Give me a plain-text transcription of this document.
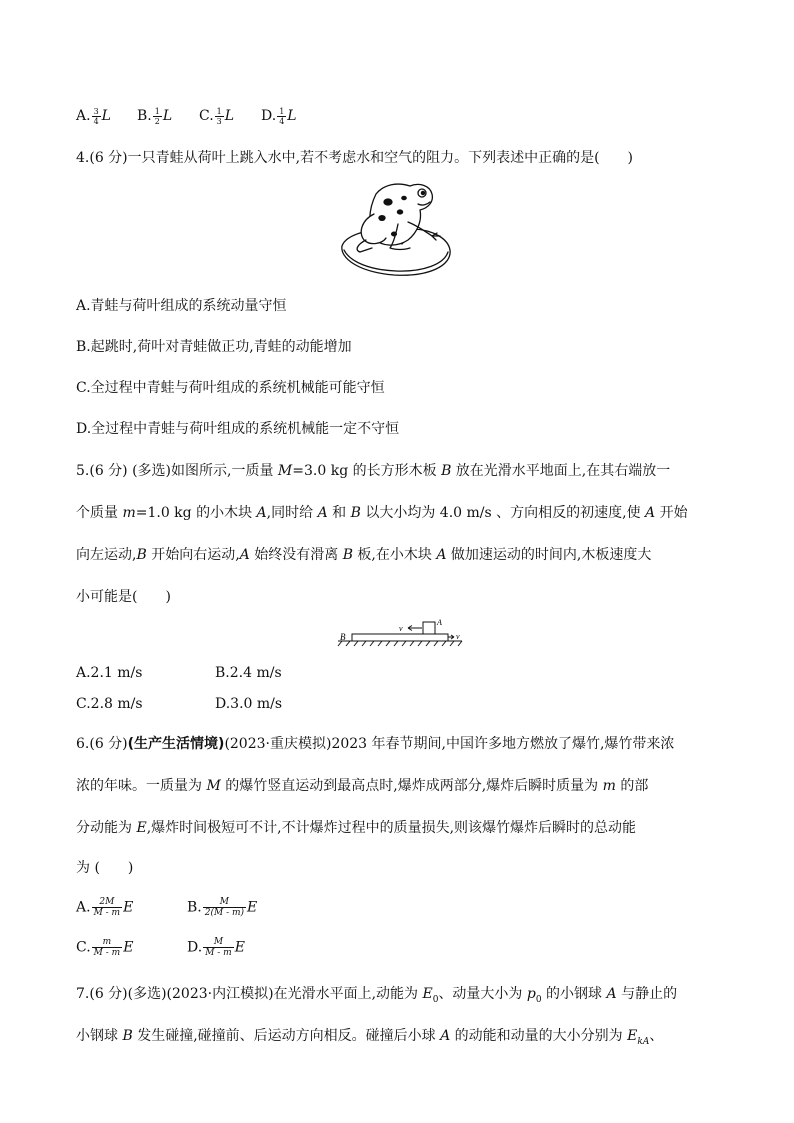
A. $\frac{3}{4}$ L B. $\frac{1}{2}$ L C. $\frac{1}{3}$ L D. $\frac{1}{4}$ L
4.(6 分)一只青蛙从荷叶上跳入水中,若不考虑水和空气的阻力。下列表述中正确的是(　　)
A.青蛙与荷叶组成的系统动量守恒
B.起跳时,荷叶对青蛙做正功,青蛙的动能增加
C.全过程中青蛙与荷叶组成的系统机械能可能守恒
D.全过程中青蛙与荷叶组成的系统机械能一定不守恒
5.(6 分) (多选)如图所示,一质量 M=3.0 kg 的长方形木板 B 放在光滑水平地面上,在其右端放一
个质量 m=1.0 kg 的小木块 A,同时给 A 和 B 以大小均为 4.0 m/s 、方向相反的初速度,使 A 开始
向左运动,B 开始向右运动,A 始终没有滑离 B 板,在小木块 A 做加速运动的时间内,木板速度大
小可能是(　　)
B
A
v
v
A.2.1 m/s	B.2.4 m/s
C.2.8 m/s	D.3.0 m/s
6.(6 分)(生产生活情境)(2023·重庆模拟)2023 年春节期间,中国许多地方燃放了爆竹,爆竹带来浓
浓的年味。一质量为 M 的爆竹竖直运动到最高点时,爆炸成两部分,爆炸后瞬时质量为 m 的部
分动能为 E,爆炸时间极短可不计,不计爆炸过程中的质量损失,则该爆竹爆炸后瞬时的总动能
为 (　　)
A. $\frac{2M}{M - m}$ E	B. $\frac{M}{2(M - m)}$ E
C. $\frac{m}{M - m}$ E	D. $\frac{M}{M - m}$ E
7.(6 分)(多选)(2023·内江模拟)在光滑水平面上,动能为 $E_0$、动量大小为 $p_0$ 的小钢球 A 与静止的
小钢球 B 发生碰撞,碰撞前、后运动方向相反。碰撞后小球 A 的动能和动量的大小分别为 $E_{kA}$、
